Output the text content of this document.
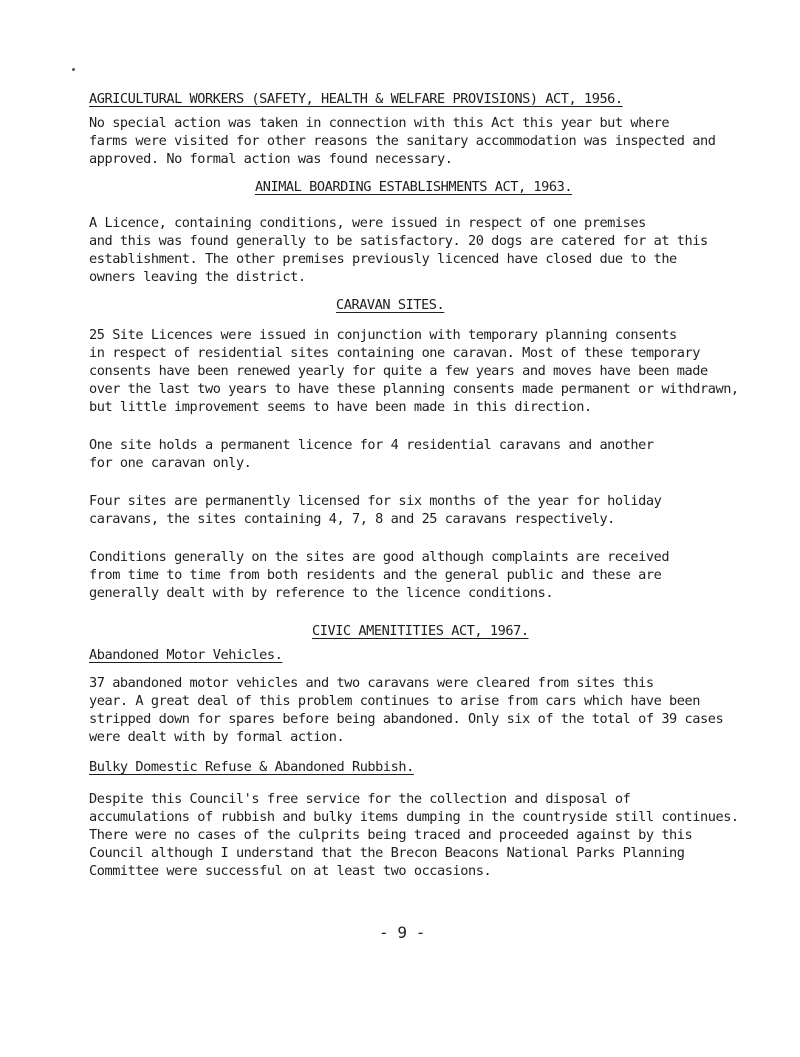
AGRICULTURAL WORKERS (SAFETY, HEALTH & WELFARE PROVISIONS) ACT, 1956.
No special action was taken in connection with this Act this year but where
farms were visited for other reasons the sanitary accommodation was inspected and
approved. No formal action was found necessary.
ANIMAL BOARDING ESTABLISHMENTS ACT, 1963.
A Licence, containing conditions, were issued in respect of one premises
and this was found generally to be satisfactory. 20 dogs are catered for at this
establishment. The other premises previously licenced have closed due to the
owners leaving the district.
CARAVAN SITES.
25 Site Licences were issued in conjunction with temporary planning consents
in respect of residential sites containing one caravan. Most of these temporary
consents have been renewed yearly for quite a few years and moves have been made
over the last two years to have these planning consents made permanent or withdrawn,
but little improvement seems to have been made in this direction.
One site holds a permanent licence for 4 residential caravans and another
for one caravan only.
Four sites are permanently licensed for six months of the year for holiday
caravans, the sites containing 4, 7, 8 and 25 caravans respectively.
Conditions generally on the sites are good although complaints are received
from time to time from both residents and the general public and these are
generally dealt with by reference to the licence conditions.
CIVIC AMENITITIES ACT, 1967.
Abandoned Motor Vehicles.
37 abandoned motor vehicles and two caravans were cleared from sites this
year. A great deal of this problem continues to arise from cars which have been
stripped down for spares before being abandoned. Only six of the total of 39 cases
were dealt with by formal action.
Bulky Domestic Refuse & Abandoned Rubbish.
Despite this Council's free service for the collection and disposal of
accumulations of rubbish and bulky items dumping in the countryside still continues.
There were no cases of the culprits being traced and proceeded against by this
Council although I understand that the Brecon Beacons National Parks Planning
Committee were successful on at least two occasions.
- 9 -
